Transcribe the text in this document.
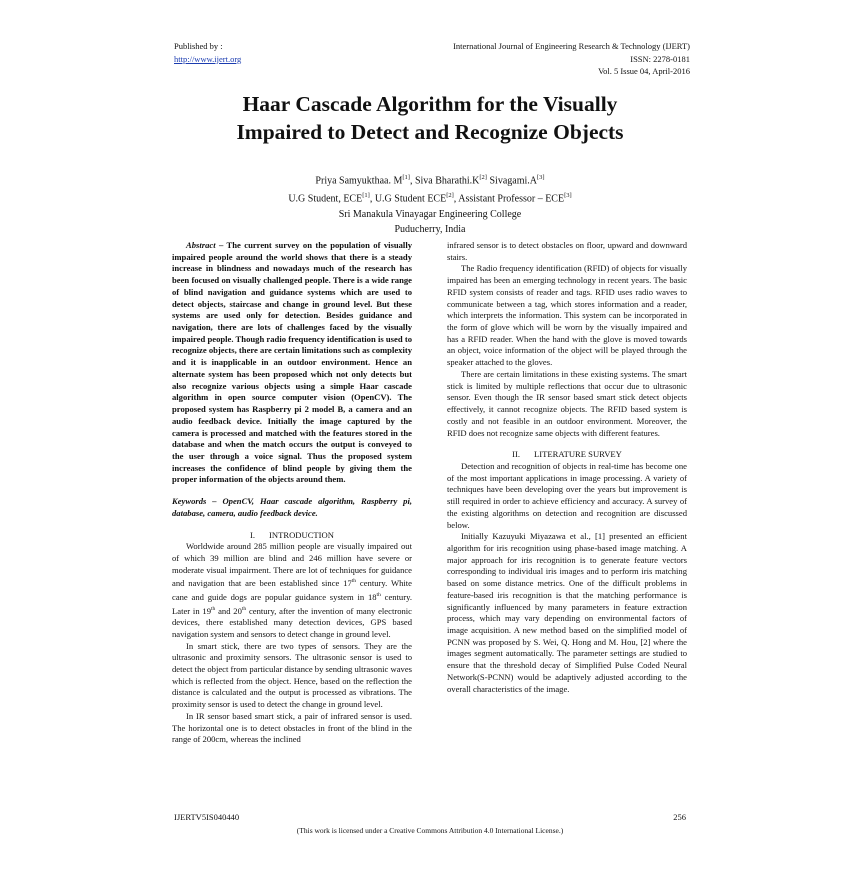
Published by :
http://www.ijert.org
International Journal of Engineering Research & Technology (IJERT)
ISSN: 2278-0181
Vol. 5 Issue 04, April-2016
Haar Cascade Algorithm for the Visually
Impaired to Detect and Recognize Objects
Priya Samyukthaa. M[1], Siva Bharathi.K[2] Sivagami.A[3]
U.G Student, ECE[1], U.G Student ECE[2], Assistant Professor – ECE[3]
Sri Manakula Vinayagar Engineering College
Puducherry, India

Abstract – The current survey on the population of visually impaired people around the world shows that there is a steady increase in blindness and nowadays much of the research has been focused on visually challenged people. There is a wide range of blind navigation and guidance systems which are used to detect objects, staircase and change in ground level. But these systems are used only for detection. Besides guidance and navigation, there are lots of challenges faced by the visually impaired people. Though radio frequency identification is used to recognize objects, there are certain limitations such as complexity and it is inapplicable in an outdoor environment. Hence an alternate system has been proposed which not only detects but also recognize various objects using a simple Haar cascade algorithm in open source computer vision (OpenCV). The proposed system has Raspberry pi 2 model B, a camera and an audio feedback device. Initially the image captured by the camera is processed and matched with the features stored in the database and when the match occurs the output is conveyed to the user through a voice signal. Thus the proposed system increases the confidence of blind people by giving them the proper information of the objects around them.

Keywords – OpenCV, Haar cascade algorithm, Raspberry pi, database, camera, audio feedback device.

I. INTRODUCTION

Worldwide around 285 million people are visually impaired out of which 39 million are blind and 246 million have severe or moderate visual impairment. There are lot of techniques for guidance and navigation that are been established since 17th century. White cane and guide dogs are popular guidance system in 18th century. Later in 19th and 20th century, after the invention of many electronic devices, there established many detection devices, GPS based navigation system and sensors to detect change in ground level.

In smart stick, there are two types of sensors. They are the ultrasonic and proximity sensors. The ultrasonic sensor is used to detect the object from particular distance by sending ultrasonic waves which is reflected from the object. Hence, based on the reflection the distance is calculated and the output is processed as vibrations. The proximity sensor is used to detect the change in ground level.

In IR sensor based smart stick, a pair of infrared sensor is used. The horizontal one is to detect obstacles in front of the blind in the range of 200cm, whereas the inclined

infrared sensor is to detect obstacles on floor, upward and downward stairs.

The Radio frequency identification (RFID) of objects for visually impaired has been an emerging technology in recent years. The basic RFID system consists of reader and tags. RFID uses radio waves to communicate between a tag, which stores information and a reader, which interprets the information. This system can be incorporated in the form of glove which will be worn by the visually impaired and has a RFID reader. When the hand with the glove is moved towards an object, voice information of the object will be played through the speaker attached to the gloves.

There are certain limitations in these existing systems. The smart stick is limited by multiple reflections that occur due to ultrasonic sensor. Even though the IR sensor based smart stick detect objects effectively, it cannot recognize objects. The RFID based system is costly and not feasible in an outdoor environment. Moreover, the RFID does not recognize same objects with different features.

II. LITERATURE SURVEY

Detection and recognition of objects in real-time has become one of the most important applications in image processing. A variety of techniques have been developing over the years but improvement is still required in order to achieve efficiency and accuracy. A survey of the existing algorithms on detection and recognition are discussed below.

Initially Kazuyuki Miyazawa et al., [1] presented an efficient algorithm for iris recognition using phase-based image matching. A major approach for iris recognition is to generate feature vectors corresponding to individual iris images and to perform iris matching based on some distance metrics. One of the difficult problems in feature-based iris recognition is that the matching performance is significantly influenced by many parameters in feature extraction process, which may vary depending on environmental factors of image acquisition. A new method based on the simplified model of PCNN was proposed by S. Wei, Q. Hong and M. Hou, [2] where the images segment automatically. The parameter settings are studied to ensure that the threshold decay of Simplified Pulse Coded Neural Network(S-PCNN) would be adaptively adjusted according to the overall characteristics of the image.

IJERTV5IS040440	256
(This work is licensed under a Creative Commons Attribution 4.0 International License.)
